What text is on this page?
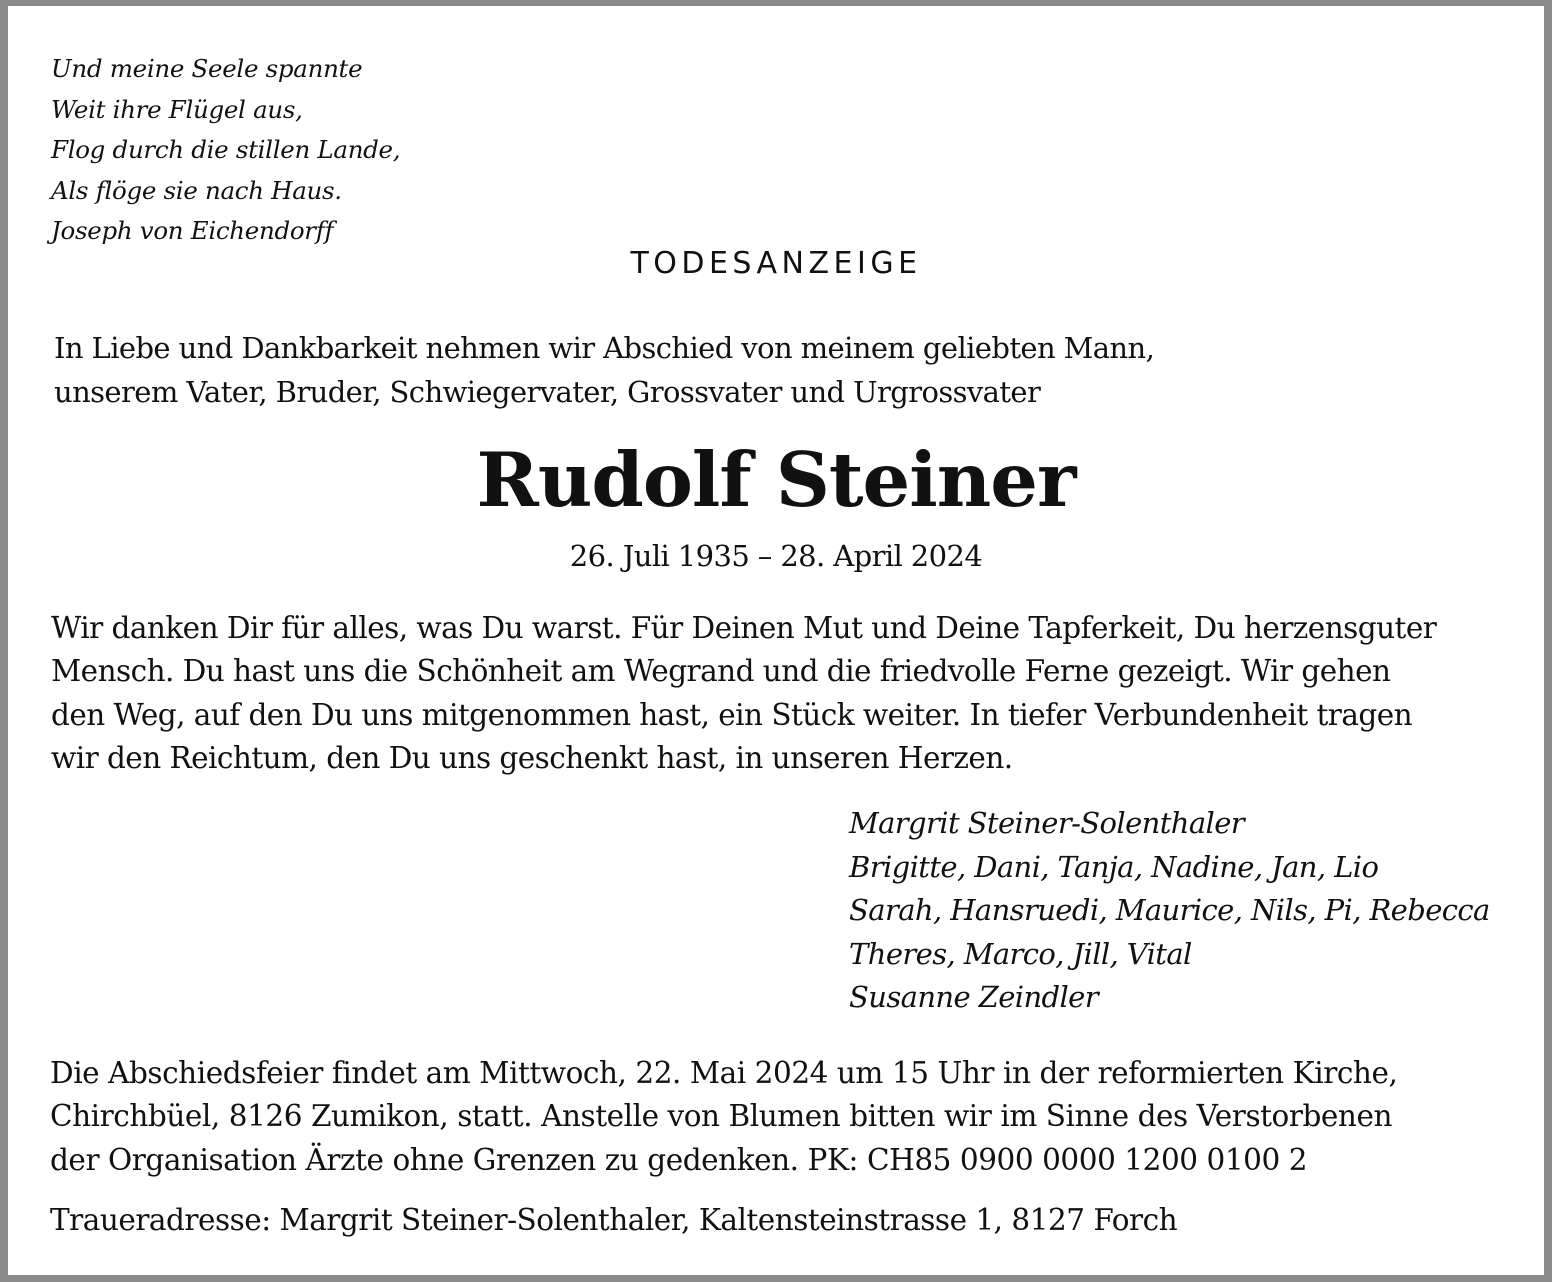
Und meine Seele spannte
Weit ihre Flügel aus,
Flog durch die stillen Lande,
Als flöge sie nach Haus.
Joseph von Eichendorff
TODESANZEIGE
In Liebe und Dankbarkeit nehmen wir Abschied von meinem geliebten Mann,
unserem Vater, Bruder, Schwiegervater, Grossvater und Urgrossvater
Rudolf Steiner
26. Juli 1935 – 28. April 2024
Wir danken Dir für alles, was Du warst. Für Deinen Mut und Deine Tapferkeit, Du herzensguter
Mensch. Du hast uns die Schönheit am Wegrand und die friedvolle Ferne gezeigt. Wir gehen
den Weg, auf den Du uns mitgenommen hast, ein Stück weiter. In tiefer Verbundenheit tragen
wir den Reichtum, den Du uns geschenkt hast, in unseren Herzen.
Margrit Steiner-Solenthaler
Brigitte, Dani, Tanja, Nadine, Jan, Lio
Sarah, Hansruedi, Maurice, Nils, Pi, Rebecca
Theres, Marco, Jill, Vital
Susanne Zeindler
Die Abschiedsfeier findet am Mittwoch, 22. Mai 2024 um 15 Uhr in der reformierten Kirche,
Chirchbüel, 8126 Zumikon, statt. Anstelle von Blumen bitten wir im Sinne des Verstorbenen
der Organisation Ärzte ohne Grenzen zu gedenken. PK: CH85 0900 0000 1200 0100 2
Traueradresse: Margrit Steiner-Solenthaler, Kaltensteinstrasse 1, 8127 Forch
